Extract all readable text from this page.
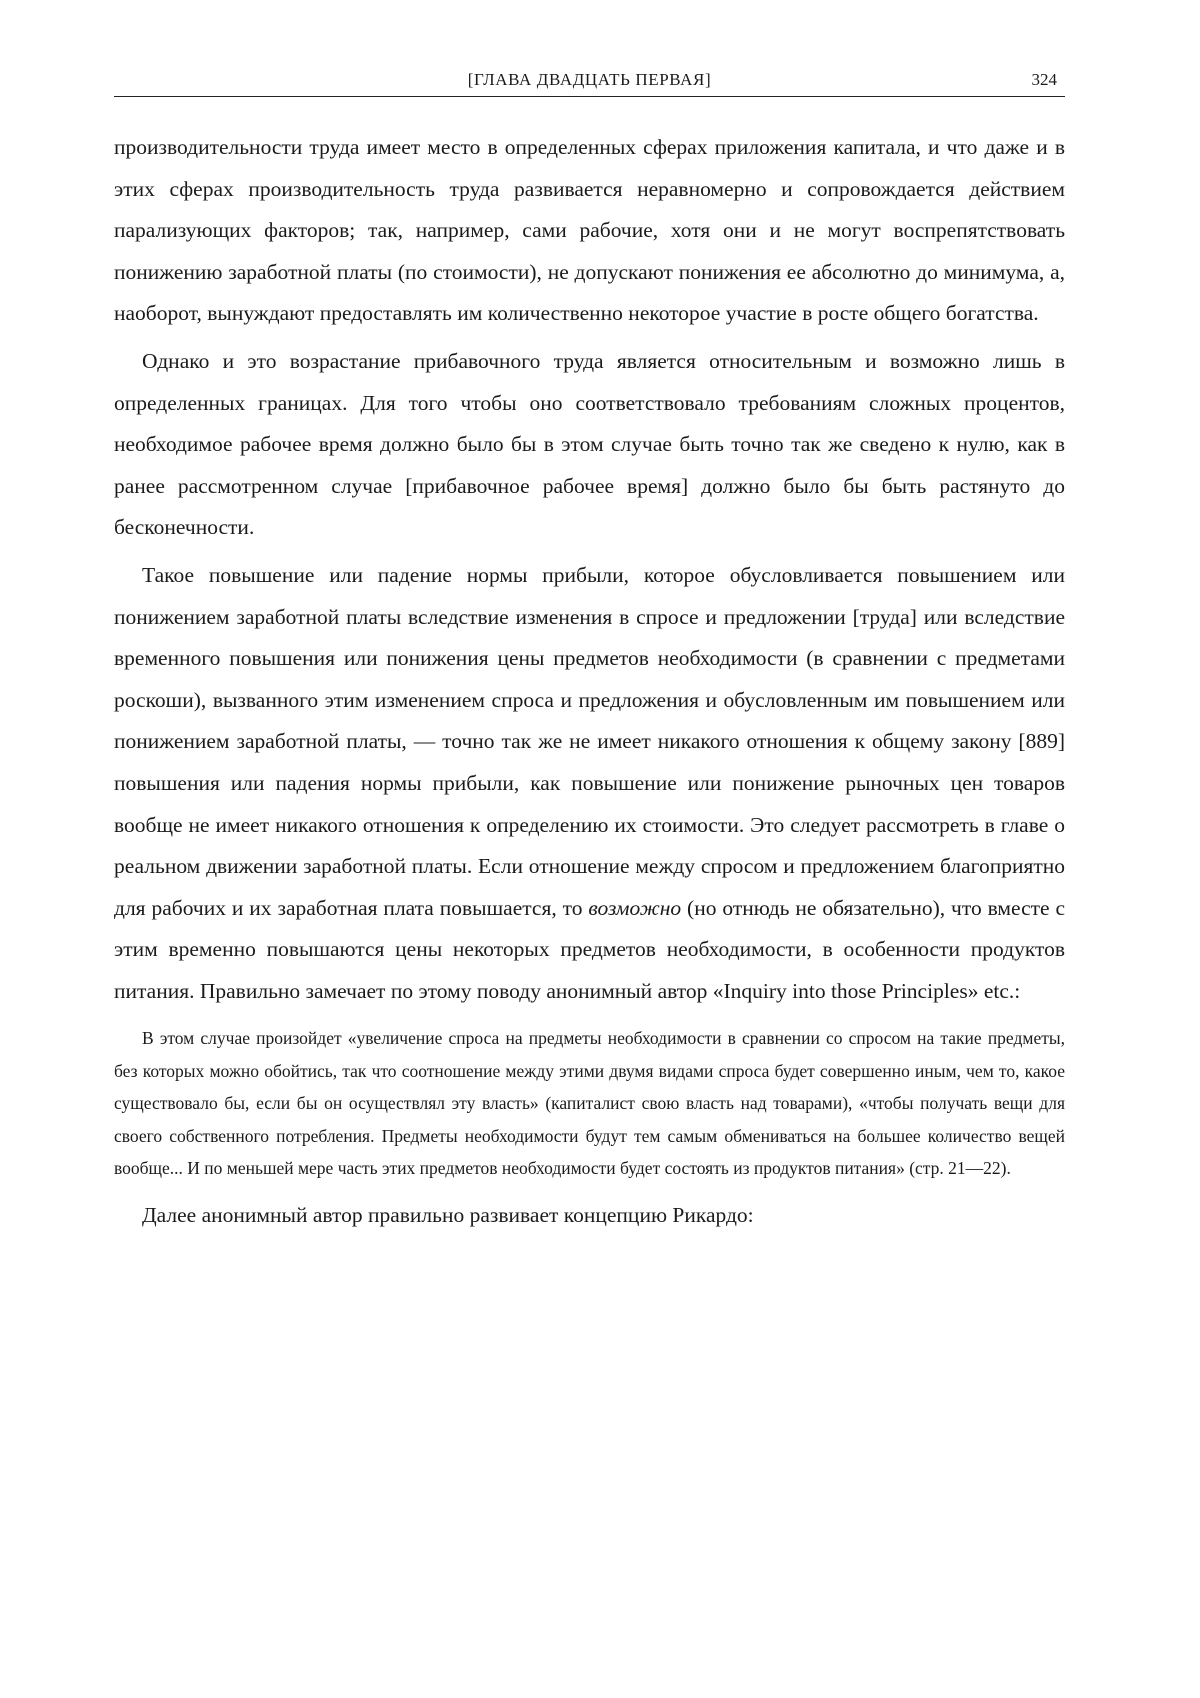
[ГЛАВА ДВАДЦАТЬ ПЕРВАЯ]	324

производительности труда имеет место в определенных сферах приложения капитала, и что даже и в этих сферах производительность труда развивается неравномерно и сопровождается действием парализующих факторов; так, например, сами рабочие, хотя они и не могут воспрепятствовать понижению заработной платы (по стоимости), не допускают понижения ее абсолютно до минимума, а, наоборот, вынуждают предоставлять им количественно некоторое участие в росте общего богатства.

Однако и это возрастание прибавочного труда является относительным и возможно лишь в определенных границах. Для того чтобы оно соответствовало требованиям сложных процентов, необходимое рабочее время должно было бы в этом случае быть точно так же сведено к нулю, как в ранее рассмотренном случае [прибавочное рабочее время] должно было бы быть растянуто до бесконечности.

Такое повышение или падение нормы прибыли, которое обусловливается повышением или понижением заработной платы вследствие изменения в спросе и предложении [труда] или вследствие временного повышения или понижения цены предметов необходимости (в сравнении с предметами роскоши), вызванного этим изменением спроса и предложения и обусловленным им повышением или понижением заработной платы, — точно так же не имеет никакого отношения к общему закону [889] повышения или падения нормы прибыли, как повышение или понижение рыночных цен товаров вообще не имеет никакого отношения к определению их стоимости. Это следует рассмотреть в главе о реальном движении заработной платы. Если отношение между спросом и предложением благоприятно для рабочих и их заработная плата повышается, то возможно (но отнюдь не обязательно), что вместе с этим временно повышаются цены некоторых предметов необходимости, в особенности продуктов питания. Правильно замечает по этому поводу анонимный автор «Inquiry into those Principles» etc.:

В этом случае произойдет «увеличение спроса на предметы необходимости в сравнении со спросом на такие предметы, без которых можно обойтись, так что соотношение между этими двумя видами спроса будет совершенно иным, чем то, какое существовало бы, если бы он осуществлял эту власть» (капиталист свою власть над товарами), «чтобы получать вещи для своего собственного потребления. Предметы необходимости будут тем самым обмениваться на большее количество вещей вообще... И по меньшей мере часть этих предметов необходимости будет состоять из продуктов питания» (стр. 21—22).
Далее анонимный автор правильно развивает концепцию Рикардо:
